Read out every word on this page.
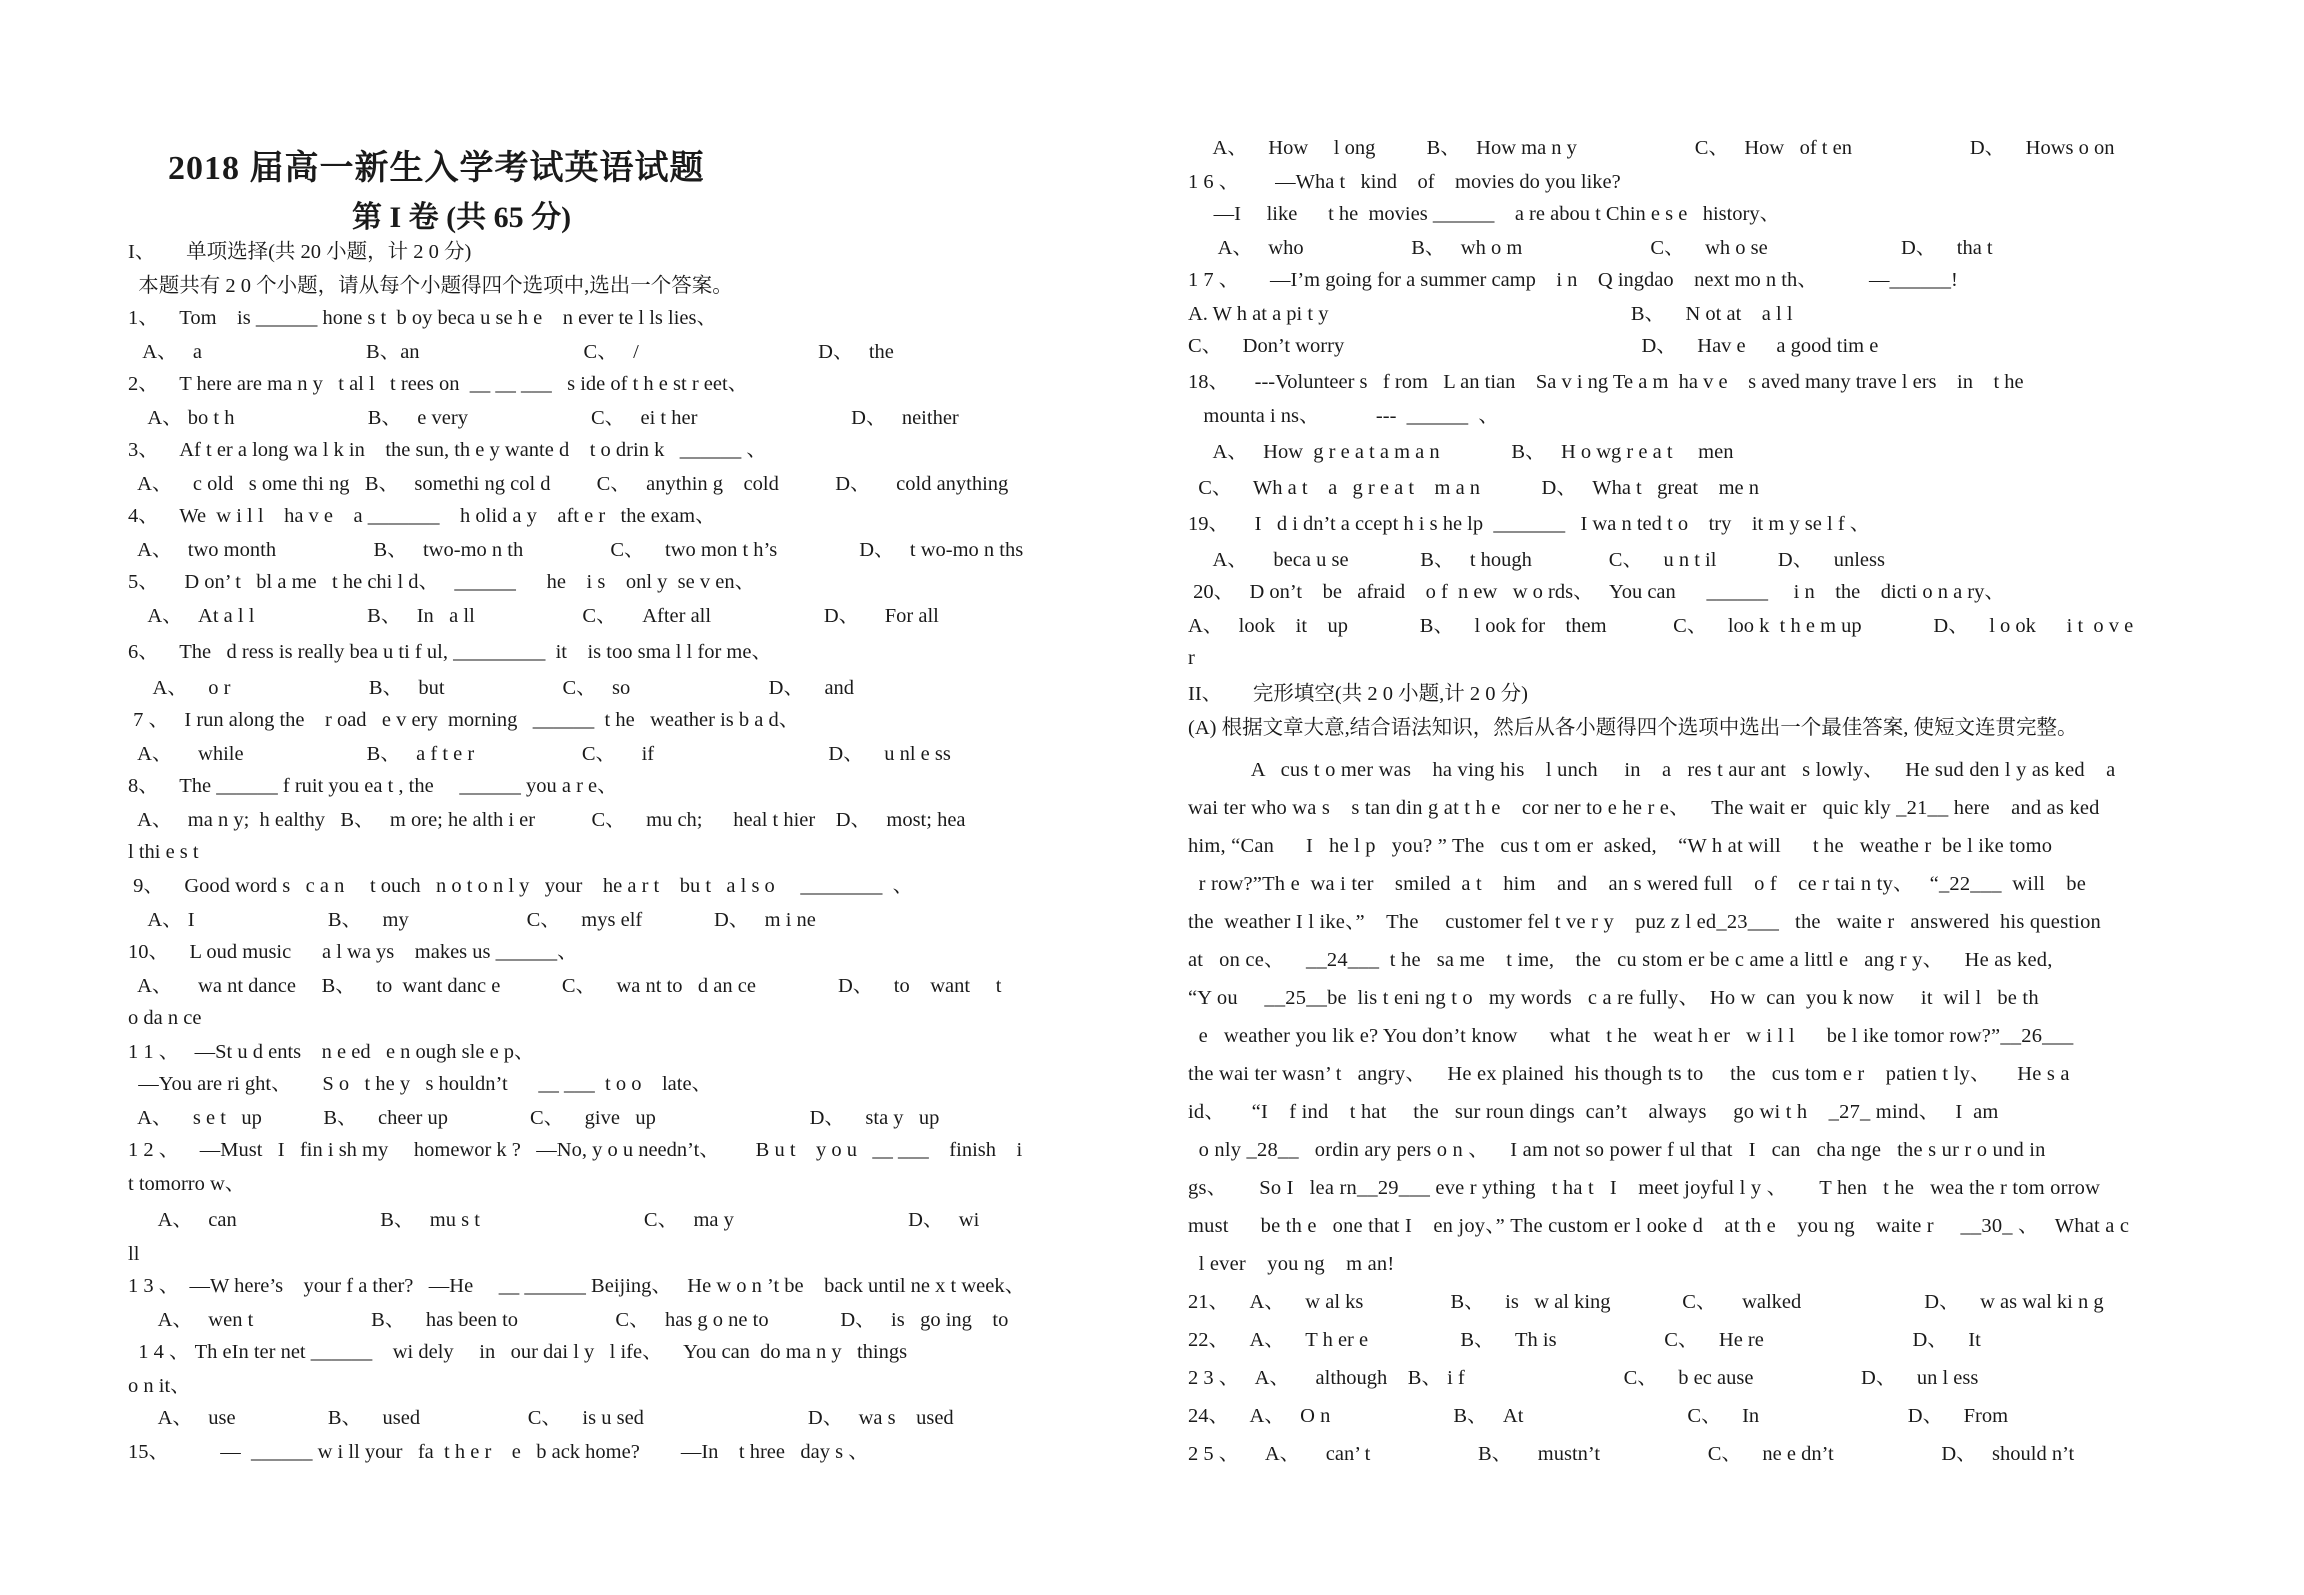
2018 届高一新生入学考试英语试题
第 I 卷 (共 65 分)
I、      单项选择(共 20 小题，计 2 0 分)
本题共有 2 0 个小题，请从每个小题得四个选项中,选出一个答案。
1、    Tom    is ______ hone s t  b oy beca u se h e    n ever te l ls lies、
A、   a                                B、an                                C、   /                                   D、   the
2、    T here are ma n y   t al l   t rees on  __ __ ___   s ide of t h e st r eet、
A、 bo t h                          B、   e very                        C、   ei t her                              D、   neither
3、    Af t er a long wa l k in    the sun, th e y wante d    t o drin k   ______ 、
A、    c old   s ome thi ng   B、   somethi ng col d         C、   anythin g    cold           D、     cold anything
4、    We  w i l l    ha v e    a _______    h olid a y    aft e r   the exam、
A、   two month                   B、   two-mo n th                 C、    two mon t h’s                D、   t wo-mo n ths
5、     D on’ t   bl a me   t he chi l d、   ______      he    i s    onl y  se v en、
A、   At a l l                      B、   In   a ll                     C、     After all                      D、     For all
6、    The   d ress is really bea u ti f ul, _________  it    is too sma l l for me、
A、    o r                           B、   but                       C、   so                           D、    and
7 、   I run along the    r oad   e v ery  morning   ______  t he   weather is b a d、
A、     while                        B、   a f t e r                     C、     if                                  D、    u nl e ss
8、    The ______ f ruit you ea t , the     ______ you a r e、
A、   ma n y;  h ealthy   B、   m ore; he alth i er           C、    mu ch;      heal t hier    D、   most; hea
l thi e s t
9、    Good word s   c a n     t ouch   n o t o n l y   your    he a r t    bu t   a l s o     ________  、
A、 I                          B、    my                       C、    mys elf              D、   m i ne
10、    L oud music      a l wa ys    makes us ______、
A、     wa nt dance     B、    to  want danc e            C、    wa nt to   d an ce                D、    to    want     t
o da n ce
1 1 、   —St u d ents    n e ed   e n ough sle e p、
—You are ri ght、      S o   t he y   s houldn’t      __ ___  t o o    late、
A、    s e t   up            B、    cheer up                C、    give   up                              D、    sta y   up
1 2 、    —Must   I   fin i sh my     homewor k ?   —No, y o u needn’t、       B u t    y o u   __ ___    finish    i
t tomorro w、
A、   can                            B、   mu s t                                C、   ma y                                  D、   wi
ll
1 3 、  —W here’s    your f a ther?   —He     __ ______ Beijing、   He w o n ’t be    back until ne x t week、
A、   wen t                       B、    has been to                   C、   has g o ne to              D、   is   go ing    to
1 4 、 Th eIn ter net ______    wi dely     in   our dai l y   l ife、    You can  do ma n y   things
o n it、
A、   use                  B、    used                     C、    is u sed                                D、   wa s    used
15、          —  ______ w i ll your   fa  t h e r    e   b ack home?        —In    t hree   day s 、
A、    How     l ong          B、   How ma n y                       C、   How   of t en                       D、    Hows o on
1 6 、       —Wha t   kind    of    movies do you like?
—I     like      t he  movies ______    a re abou t Chin e s e   history、
A、   who                     B、   wh o m                         C、    wh o se                          D、    tha t
1 7 、      —I’m going for a summer camp    i n    Q ingdao    next mo n th、          —______!
A. W h at a pi t y                                                           B、    N ot at    a l l
C、    Don’t worry                                                          D、    Hav e      a good tim e
18、     ---Volunteer s   f rom   L an tian    Sa v i ng Te a m  ha v e    s aved many trave l ers    in    t he
mounta i ns、           ---  ______  、
A、   How  g r e a t a m a n              B、   H o wg r e a t     men
C、    Wh a t    a   g r e a t    m a n            D、   Wha t   great    me n
19、     I   d i dn’t a ccept h i s he lp  _______   I wa n ted t o    try    it m y se l f 、
A、     beca u se              B、   t hough               C、    u n t il            D、    unless
20、   D on’t    be   afraid    o f  n ew   w o rds、   You can      ______     i n    the    dicti o n a ry、
A、   look    it    up              B、    l ook for    them             C、    loo k  t h e m up              D、    l o ok      i t  o v e
r
II、      完形填空(共 2 0 小题,计 2 0 分)
(A) 根据文章大意,结合语法知识，然后从各小题得四个选项中选出一个最佳答案, 使短文连贯完整。
A   cus t o mer was    ha ving his    l unch     in    a   res t aur ant   s lowly、    He sud den l y as ked    a
wai ter who wa s    s tan din g at t h e    cor ner to e he r e、    The wait er   quic kly _21__ here    and as ked
him, “Can      I   he l p   you? ” The   cus t om er  asked,    “W h at will      t he   weathe r  be l ike tomo
r row?”Th e  wa i ter    smiled  a t    him    and    an s wered full    o f    ce r tai n ty、   “_22___  will    be
the  weather I l ike、”    The     customer fel t ve r y    puz z l ed_23___   the   waite r   answered  his question
at   on ce、    __24___  t he   sa me    t ime,    the   cu stom er be c ame a littl e   ang r y、    He as ked,
“Y ou     __25__be  lis t eni ng t o   my words   c a re fully、  Ho w  can  you k now     it  wil l   be th
e   weather you lik e? You don’t know      what   t he   weat h er   w i l l      be l ike tomor row?”__26___
the wai ter wasn’ t   angry、    He ex plained  his though ts to     the   cus tom e r    patien t ly、     He s a
id、     “I    f ind    t hat     the   sur roun dings  can’t    always     go wi t h    _27_ mind、   I  am
o nly _28__   ordin ary pers o n 、    I am not so power f ul that   I   can   cha nge   the s ur r o und in
gs、      So I   lea rn__29___ eve r ything   t ha t   I    meet joyful l y 、      T hen   t he   wea the r tom orrow
must      be th e   one that I    en joy、” The custom er l ooke d    at th e    you ng    waite r     __30_ 、   What a c
l ever    you ng    m an!
21、    A、    w al ks                 B、    is   w al king              C、     walked                        D、    w as wal ki n g
22、    A、    T h er e                  B、    Th is                     C、    He re                             D、    It
2 3 、   A、     although    B、 i f                               C、    b ec ause                     D、    un l ess
24、    A、   O n                        B、   At                                C、    In                             D、    From
2 5 、     A、     can’ t                     B、     mustn’t                     C、    ne e dn’t                     D、   should n’t
